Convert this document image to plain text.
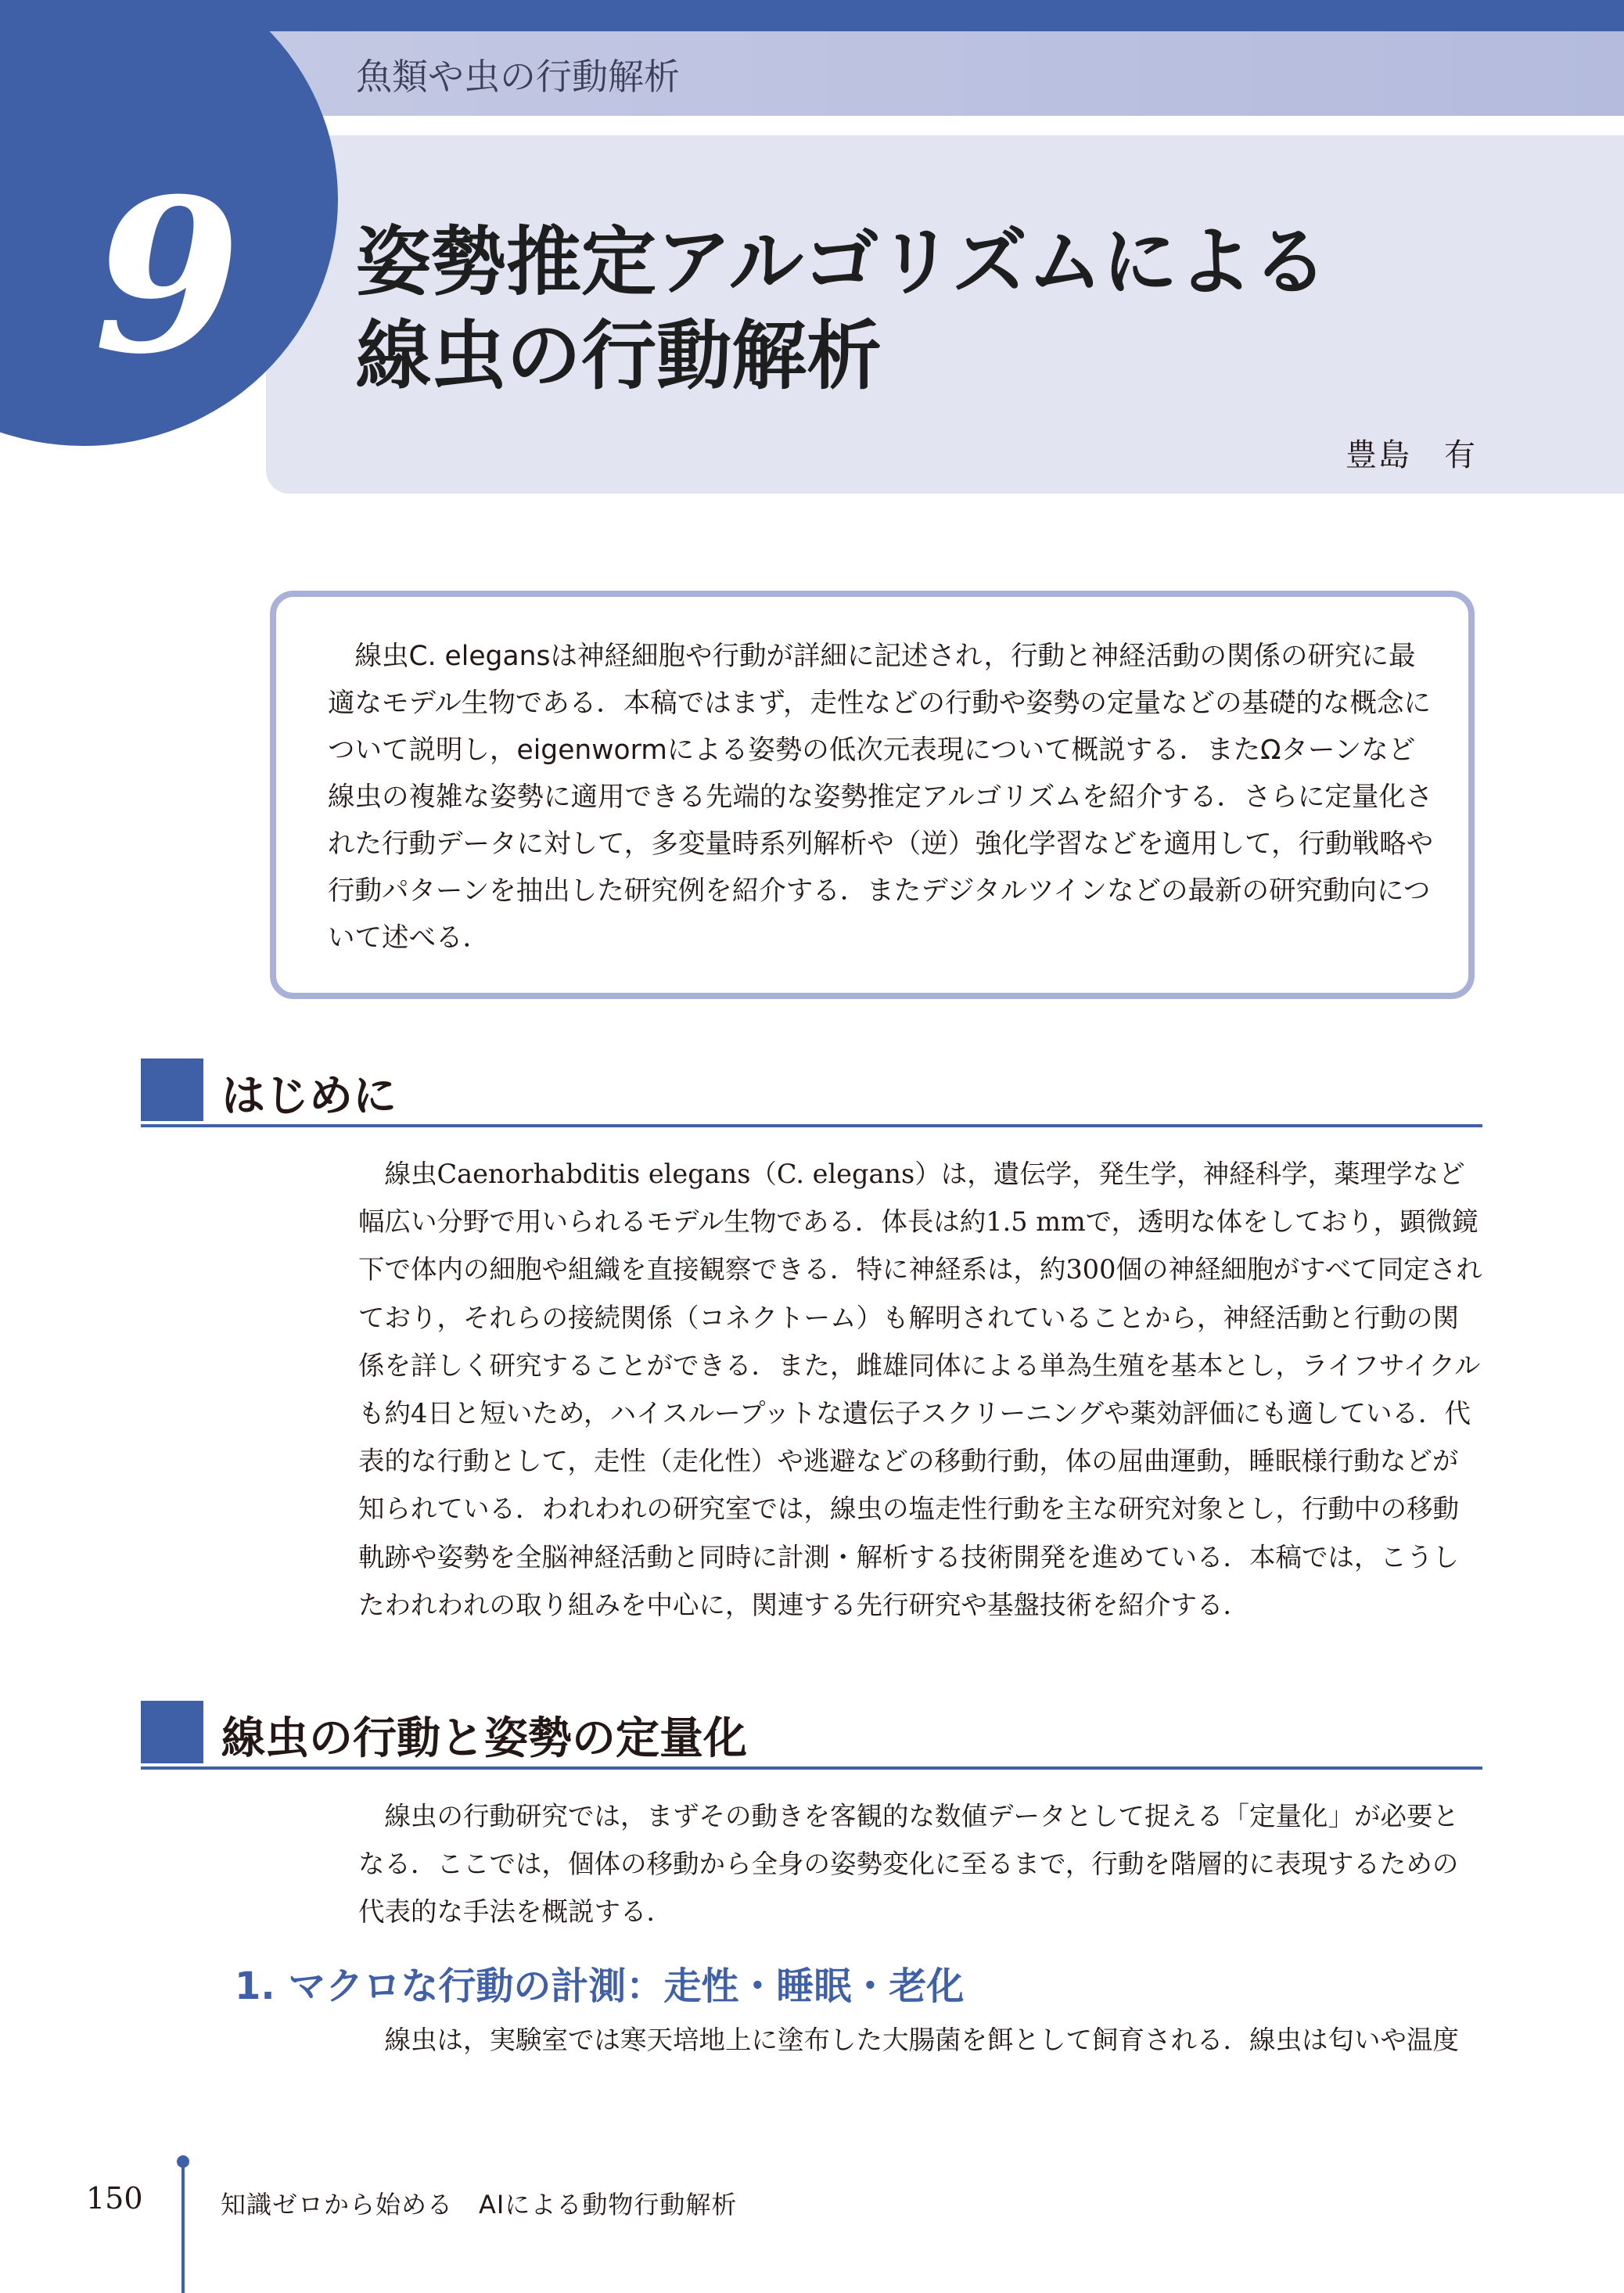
魚類や虫の行動解析
9 姿勢推定アルゴリズムによる
線虫の行動解析
豊島　有

線虫C. elegansは神経細胞や行動が詳細に記述され，行動と神経活動の関係の研究に最適なモデル生物である．本稿ではまず，走性などの行動や姿勢の定量などの基礎的な概念について説明し，eigenwormによる姿勢の低次元表現について概説する．またΩターンなど線虫の複雑な姿勢に適用できる先端的な姿勢推定アルゴリズムを紹介する．さらに定量化された行動データに対して，多変量時系列解析や（逆）強化学習などを適用して，行動戦略や行動パターンを抽出した研究例を紹介する．またデジタルツインなどの最新の研究動向について述べる．

はじめに

線虫Caenorhabditis elegans（C. elegans）は，遺伝学，発生学，神経科学，薬理学など幅広い分野で用いられるモデル生物である．体長は約1.5 mmで，透明な体をしており，顕微鏡下で体内の細胞や組織を直接観察できる．特に神経系は，約300個の神経細胞がすべて同定されており，それらの接続関係（コネクトーム）も解明されていることから，神経活動と行動の関係を詳しく研究することができる．また，雌雄同体による単為生殖を基本とし，ライフサイクルも約4日と短いため，ハイスループットな遺伝子スクリーニングや薬効評価にも適している．代表的な行動として，走性（走化性）や逃避などの移動行動，体の屈曲運動，睡眠様行動などが知られている．われわれの研究室では，線虫の塩走性行動を主な研究対象とし，行動中の移動軌跡や姿勢を全脳神経活動と同時に計測・解析する技術開発を進めている．本稿では，こうしたわれわれの取り組みを中心に，関連する先行研究や基盤技術を紹介する．

線虫の行動と姿勢の定量化

線虫の行動研究では，まずその動きを客観的な数値データとして捉える「定量化」が必要となる．ここでは，個体の移動から全身の姿勢変化に至るまで，行動を階層的に表現するための代表的な手法を概説する．

1. マクロな行動の計測：走性・睡眠・老化

線虫は，実験室では寒天培地上に塗布した大腸菌を餌として飼育される．線虫は匂いや温度

150	知識ゼロから始める　AIによる動物行動解析
